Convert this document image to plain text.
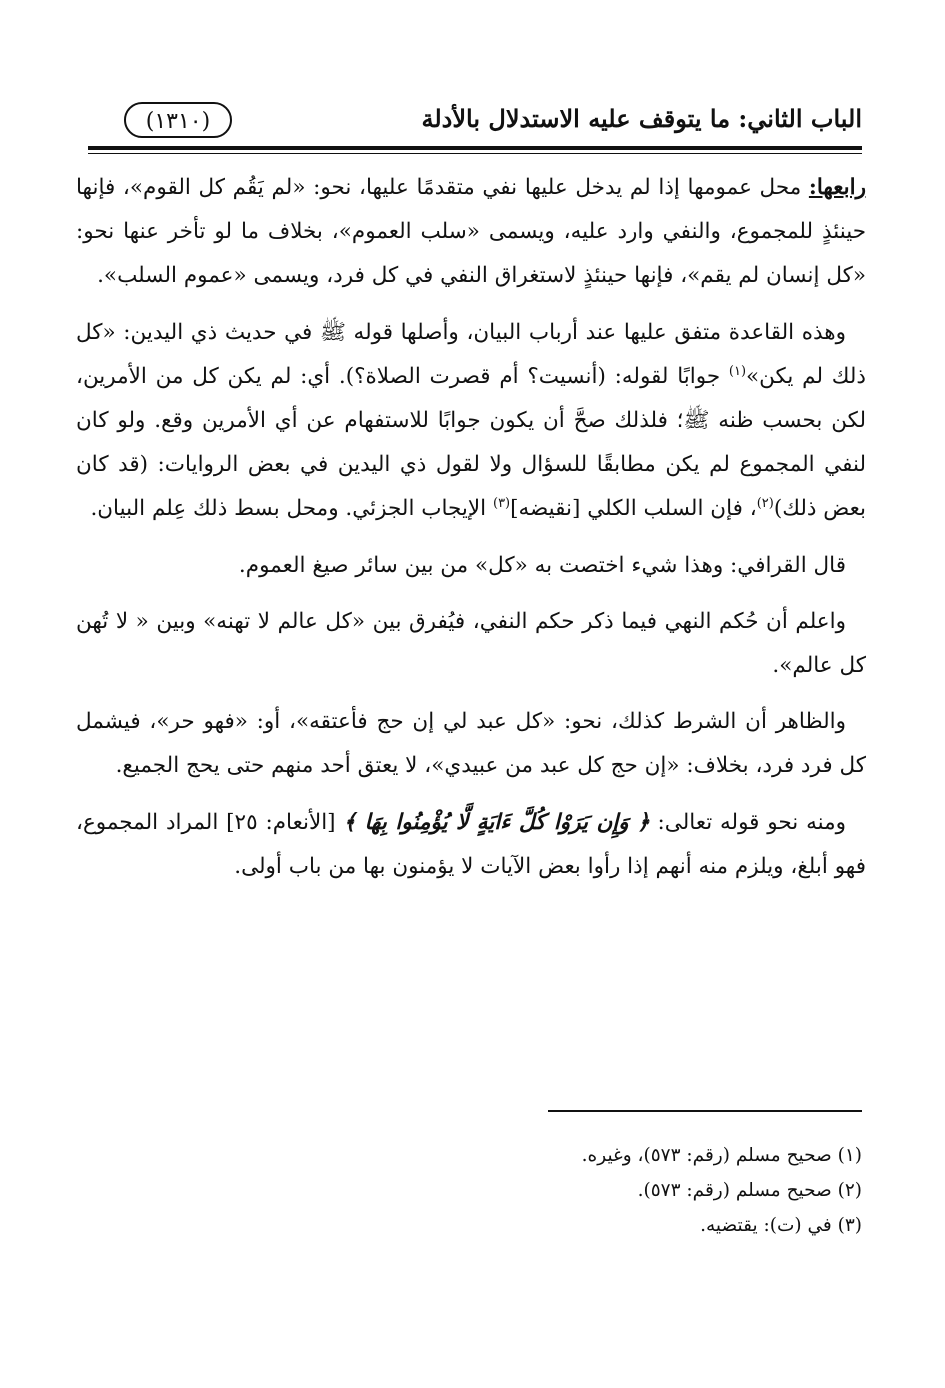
(١٣١٠)	الباب الثاني: ما يتوقف عليه الاستدلال بالأدلة

رابعها: محل عمومها إذا لم يدخل عليها نفي متقدمًا عليها، نحو: «لم يَقُم كل القوم»، فإنها حينئذٍ للمجموع، والنفي وارد عليه، ويسمى «سلب العموم»، بخلاف ما لو تأخر عنها نحو: «كل إنسان لم يقم»، فإنها حينئذٍ لاستغراق النفي في كل فرد، ويسمى «عموم السلب».

وهذه القاعدة متفق عليها عند أرباب البيان، وأصلها قوله ﷺ في حديث ذي اليدين: «كل ذلك لم يكن»$^{(١)}$ جوابًا لقوله: (أنسيت؟ أم قصرت الصلاة؟). أي: لم يكن كل من الأمرين، لكن بحسب ظنه ﷺ؛ فلذلك صحَّ أن يكون جوابًا للاستفهام عن أي الأمرين وقع. ولو كان لنفي المجموع لم يكن مطابقًا للسؤال ولا لقول ذي اليدين في بعض الروايات: (قد كان بعض ذلك)$^{(٢)}$، فإن السلب الكلي [نقيضه]$^{(٣)}$ الإيجاب الجزئي. ومحل بسط ذلك عِلم البيان.

قال القرافي: وهذا شيء اختصت به «كل» من بين سائر صيغ العموم.

واعلم أن حُكم النهي فيما ذكر حكم النفي، فيُفرق بين «كل عالم لا تهنه» وبين « لا تُهن كل عالم».

والظاهر أن الشرط كذلك، نحو: «كل عبد لي إن حج فأعتقه»، أو: «فهو حر»، فيشمل كل فرد فرد، بخلاف: «إن حج كل عبد من عبيدي»، لا يعتق أحد منهم حتى يحج الجميع.

ومنه نحو قوله تعالى: ﴿ وَإِن يَرَوْا كُلَّ ءَايَةٍ لَّا يُؤْمِنُوا بِهَا ﴾ [الأنعام: ٢٥] المراد المجموع، فهو أبلغ، ويلزم منه أنهم إذا رأوا بعض الآيات لا يؤمنون بها من باب أولى.

(١) صحيح مسلم (رقم: ٥٧٣)، وغيره.
(٢) صحيح مسلم (رقم: ٥٧٣).
(٣) في (ت): يقتضيه.
